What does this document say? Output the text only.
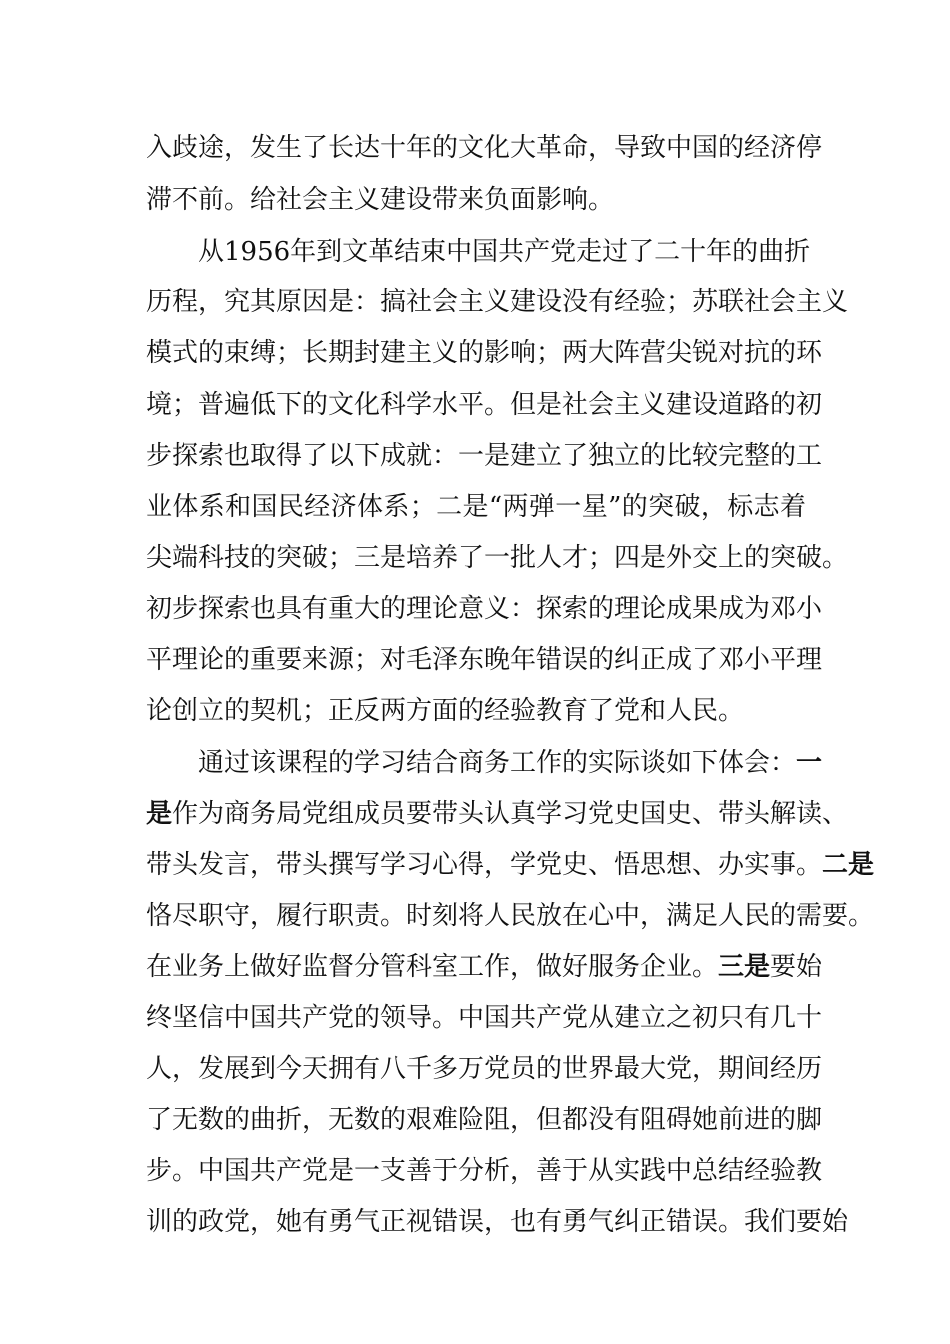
入歧途，发生了长达十年的文化大革命，导致中国的经济停
滞不前。给社会主义建设带来负面影响。
从1956年到文革结束中国共产党走过了二十年的曲折
历程，究其原因是：搞社会主义建设没有经验；苏联社会主义
模式的束缚；长期封建主义的影响；两大阵营尖锐对抗的环
境；普遍低下的文化科学水平。但是社会主义建设道路的初
步探索也取得了以下成就：一是建立了独立的比较完整的工
业体系和国民经济体系；二是“两弹一星”的突破，标志着
尖端科技的突破；三是培养了一批人才；四是外交上的突破。
初步探索也具有重大的理论意义：探索的理论成果成为邓小
平理论的重要来源；对毛泽东晚年错误的纠正成了邓小平理
论创立的契机；正反两方面的经验教育了党和人民。
通过该课程的学习结合商务工作的实际谈如下体会：一
是作为商务局党组成员要带头认真学习党史国史、带头解读、
带头发言，带头撰写学习心得，学党史、悟思想、办实事。二是
恪尽职守，履行职责。时刻将人民放在心中，满足人民的需要。
在业务上做好监督分管科室工作，做好服务企业。三是要始
终坚信中国共产党的领导。中国共产党从建立之初只有几十
人，发展到今天拥有八千多万党员的世界最大党，期间经历
了无数的曲折，无数的艰难险阻，但都没有阻碍她前进的脚
步。中国共产党是一支善于分析，善于从实践中总结经验教
训的政党，她有勇气正视错误，也有勇气纠正错误。我们要始
